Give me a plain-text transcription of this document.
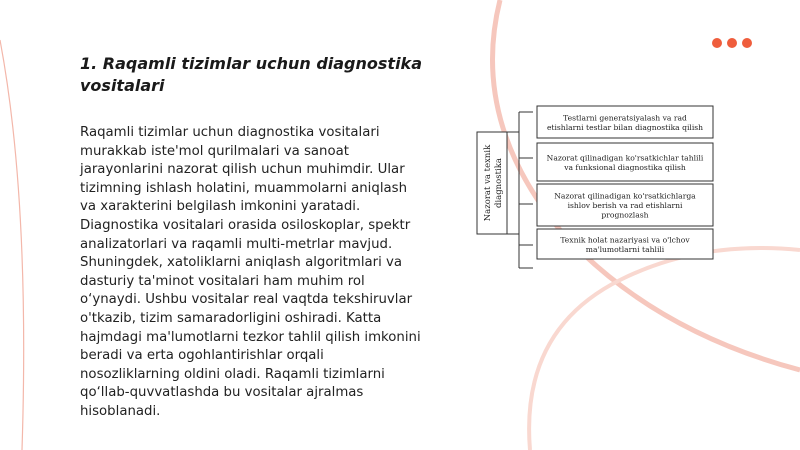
1. Raqamli tizimlar uchun diagnostika vositalari

Raqamli tizimlar uchun diagnostika vositalari murakkab iste'mol qurilmalari va sanoat jarayonlarini nazorat qilish uchun muhimdir. Ular tizimning ishlash holatini, muammolarni aniqlash va xarakterini belgilash imkonini yaratadi. Diagnostika vositalari orasida osiloskoplar, spektr analizatorlari va raqamli multi-metrlar mavjud. Shuningdek, xatoliklarni aniqlash algoritmlari va dasturiy ta'minot vositalari ham muhim rol o‘ynaydi. Ushbu vositalar real vaqtda tekshiruvlar o'tkazib, tizim samaradorligini oshiradi. Katta hajmdagi ma'lumotlarni tezkor tahlil qilish imkonini beradi va erta ogohlantirishlar orqali nosozliklarning oldini oladi. Raqamli tizimlarni qo‘llab-quvvatlashda bu vositalar ajralmas hisoblanadi.

Nazorat va texnikdiagnostika
Testlarni generatsiyalash va rad
etishlarni testlar bilan diagnostika qilish
Nazorat qilinadigan ko'rsatkichlar tahlili
va funksional diagnostika qilish
Nazorat qilinadigan ko'rsatkichlarga
ishlov berish va rad etishlarni
prognozlash
Texnik holat nazariyasi va o'lchov
ma'lumotlarni tahlili
